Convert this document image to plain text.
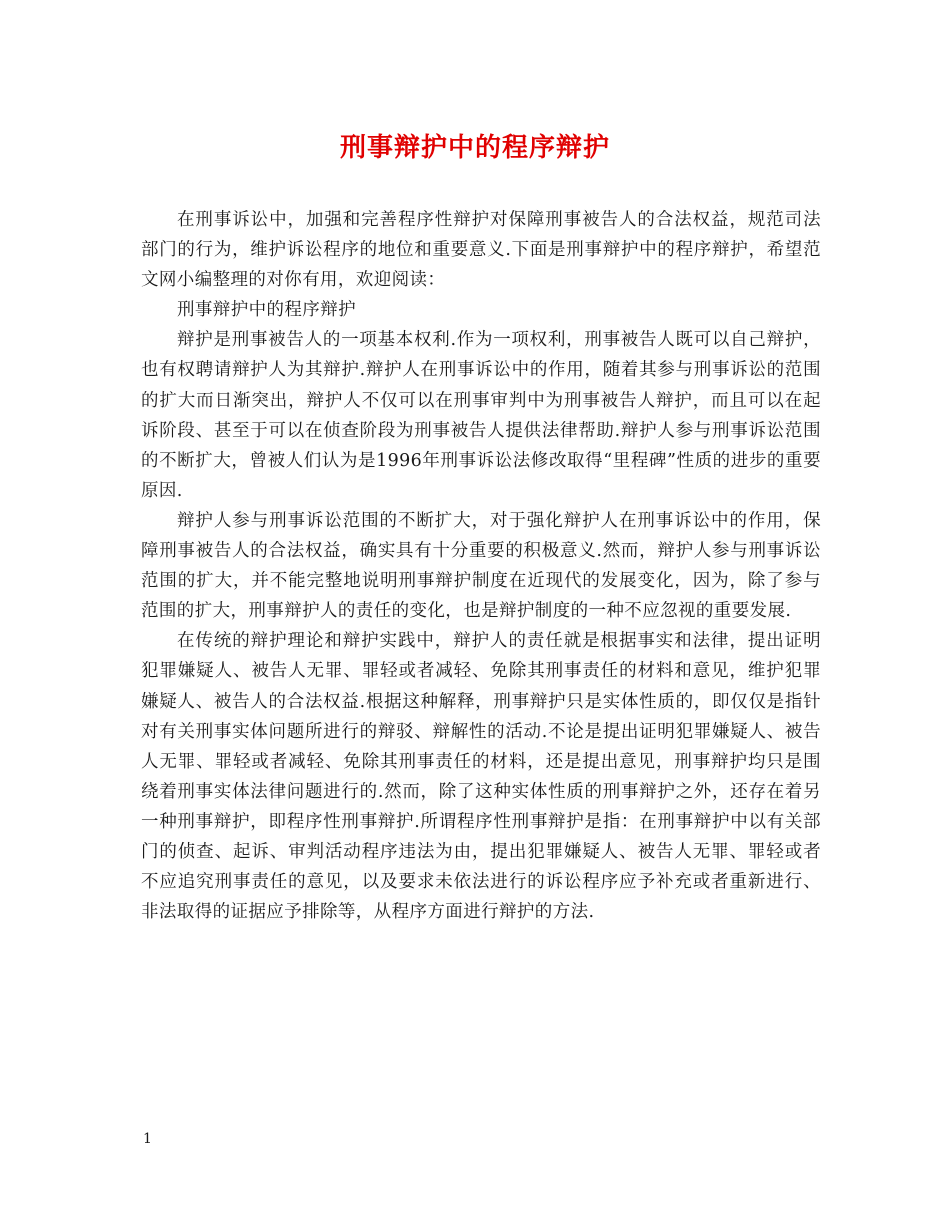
刑事辩护中的程序辩护

在刑事诉讼中，加强和完善程序性辩护对保障刑事被告人的合法权益，规范司法部门的行为，维护诉讼程序的地位和重要意义.下面是刑事辩护中的程序辩护，希望范文网小编整理的对你有用，欢迎阅读：

刑事辩护中的程序辩护

辩护是刑事被告人的一项基本权利.作为一项权利，刑事被告人既可以自己辩护，也有权聘请辩护人为其辩护.辩护人在刑事诉讼中的作用，随着其参与刑事诉讼的范围的扩大而日渐突出，辩护人不仅可以在刑事审判中为刑事被告人辩护，而且可以在起诉阶段、甚至于可以在侦查阶段为刑事被告人提供法律帮助.辩护人参与刑事诉讼范围的不断扩大，曾被人们认为是1996年刑事诉讼法修改取得“里程碑”性质的进步的重要原因.

辩护人参与刑事诉讼范围的不断扩大，对于强化辩护人在刑事诉讼中的作用，保障刑事被告人的合法权益，确实具有十分重要的积极意义.然而，辩护人参与刑事诉讼范围的扩大，并不能完整地说明刑事辩护制度在近现代的发展变化，因为，除了参与范围的扩大，刑事辩护人的责任的变化，也是辩护制度的一种不应忽视的重要发展.

在传统的辩护理论和辩护实践中，辩护人的责任就是根据事实和法律，提出证明犯罪嫌疑人、被告人无罪、罪轻或者减轻、免除其刑事责任的材料和意见，维护犯罪嫌疑人、被告人的合法权益.根据这种解释，刑事辩护只是实体性质的，即仅仅是指针对有关刑事实体问题所进行的辩驳、辩解性的活动.不论是提出证明犯罪嫌疑人、被告人无罪、罪轻或者减轻、免除其刑事责任的材料，还是提出意见，刑事辩护均只是围绕着刑事实体法律问题进行的.然而，除了这种实体性质的刑事辩护之外，还存在着另一种刑事辩护，即程序性刑事辩护.所谓程序性刑事辩护是指：在刑事辩护中以有关部门的侦查、起诉、审判活动程序违法为由，提出犯罪嫌疑人、被告人无罪、罪轻或者不应追究刑事责任的意见，以及要求未依法进行的诉讼程序应予补充或者重新进行、非法取得的证据应予排除等，从程序方面进行辩护的方法.

1
